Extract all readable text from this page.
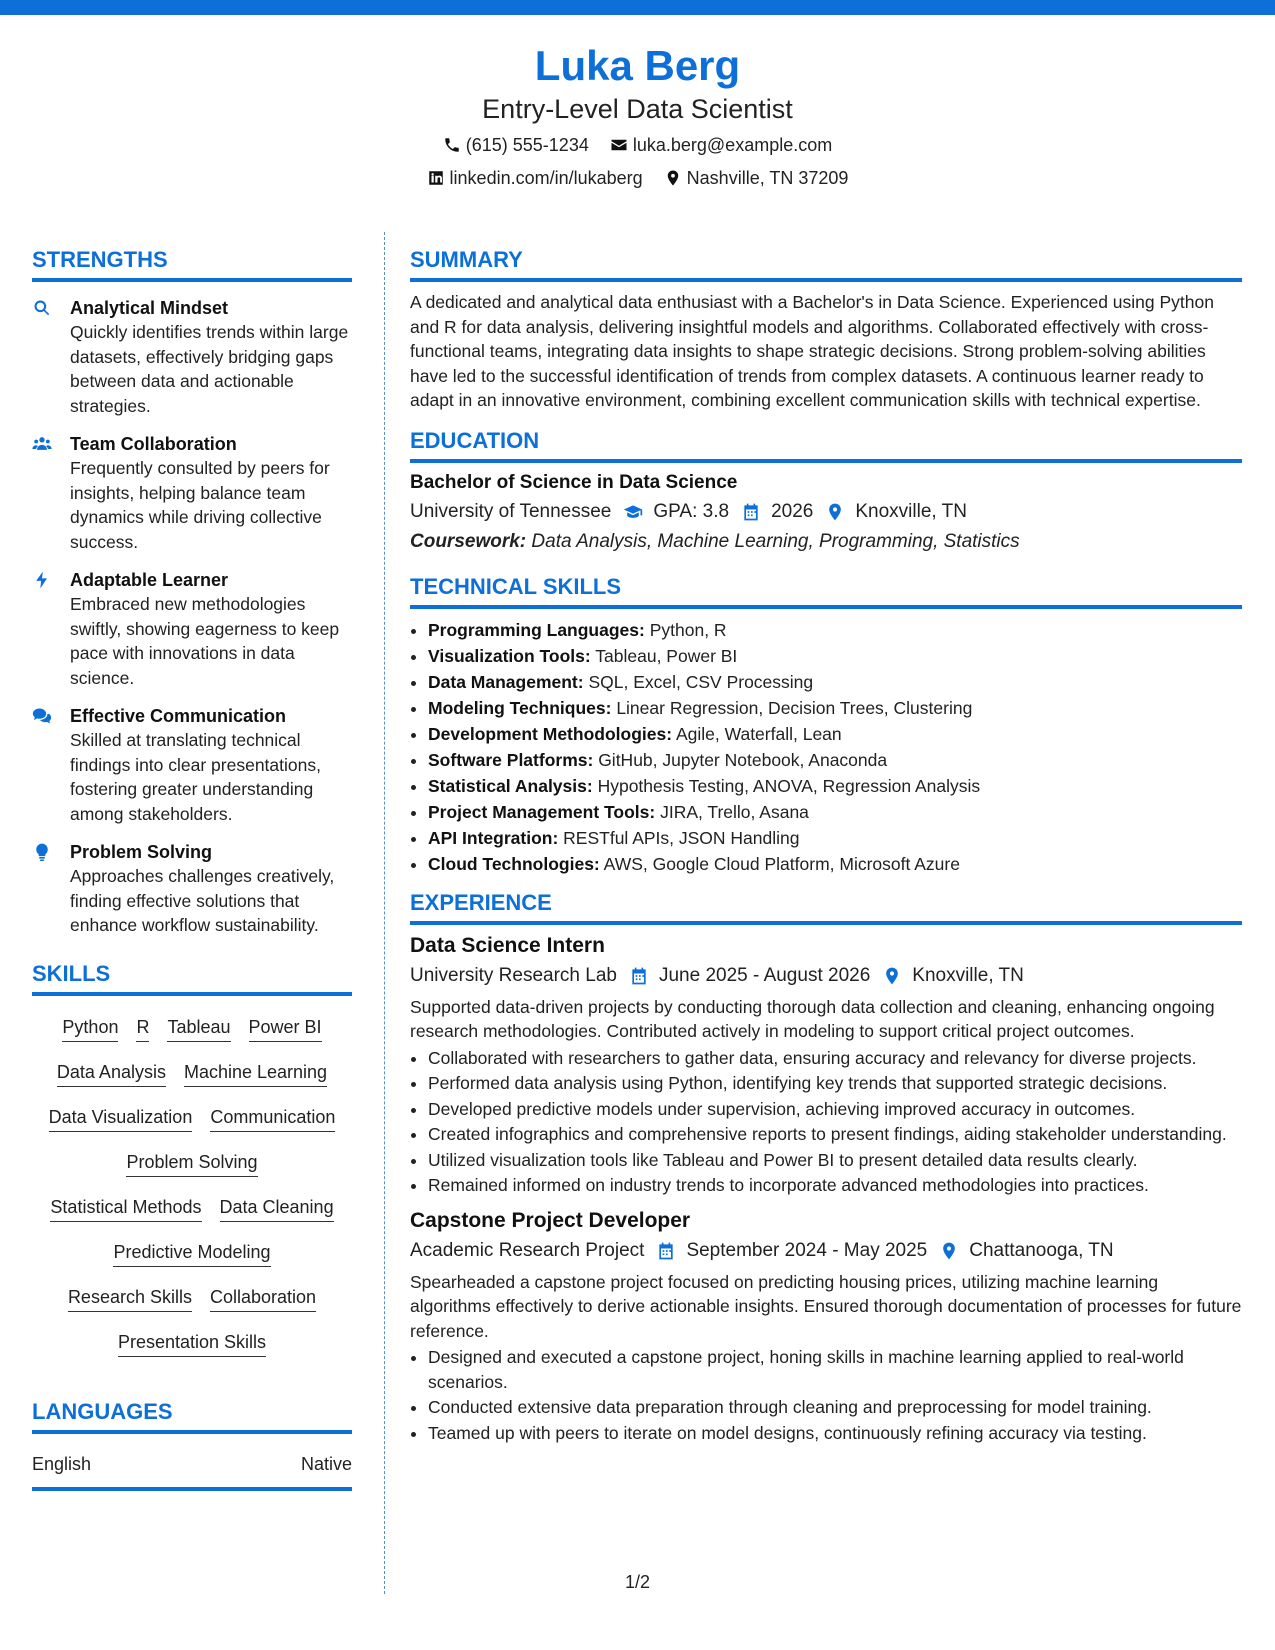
Luka Berg
Entry-Level Data Scientist
(615) 555-1234
luka.berg@example.com
linkedin.com/in/lukaberg
Nashville, TN 37209
STRENGTHS
Analytical Mindset
Quickly identifies trends within large datasets, effectively bridging gaps between data and actionable strategies.
Team Collaboration
Frequently consulted by peers for insights, helping balance team dynamics while driving collective success.
Adaptable Learner
Embraced new methodologies swiftly, showing eagerness to keep pace with innovations in data science.
Effective Communication
Skilled at translating technical findings into clear presentations, fostering greater understanding among stakeholders.
Problem Solving
Approaches challenges creatively, finding effective solutions that enhance workflow sustainability.
SKILLS
Python R Tableau Power BI
Data Analysis Machine Learning
Data Visualization Communication
Problem Solving
Statistical Methods Data Cleaning
Predictive Modeling
Research Skills Collaboration
Presentation Skills
LANGUAGES
English	Native
SUMMARY

A dedicated and analytical data enthusiast with a Bachelor's in Data Science. Experienced using Python and R for data analysis, delivering insightful models and algorithms. Collaborated effectively with cross-functional teams, integrating data insights to shape strategic decisions. Strong problem-solving abilities have led to the successful identification of trends from complex datasets. A continuous learner ready to adapt in an innovative environment, combining excellent communication skills with technical expertise.

EDUCATION
Bachelor of Science in Data Science
University of Tennessee GPA: 3.8 2026 Knoxville, TN
Coursework: Data Analysis, Machine Learning, Programming, Statistics
TECHNICAL SKILLS
• Programming Languages: Python, R
• Visualization Tools: Tableau, Power BI
• Data Management: SQL, Excel, CSV Processing
• Modeling Techniques: Linear Regression, Decision Trees, Clustering
• Development Methodologies: Agile, Waterfall, Lean
• Software Platforms: GitHub, Jupyter Notebook, Anaconda
• Statistical Analysis: Hypothesis Testing, ANOVA, Regression Analysis
• Project Management Tools: JIRA, Trello, Asana
• API Integration: RESTful APIs, JSON Handling
• Cloud Technologies: AWS, Google Cloud Platform, Microsoft Azure
EXPERIENCE
Data Science Intern
University Research Lab June 2025 - August 2026 Knoxville, TN

Supported data-driven projects by conducting thorough data collection and cleaning, enhancing ongoing research methodologies. Contributed actively in modeling to support critical project outcomes.

• Collaborated with researchers to gather data, ensuring accuracy and relevancy for diverse projects.
• Performed data analysis using Python, identifying key trends that supported strategic decisions.
• Developed predictive models under supervision, achieving improved accuracy in outcomes.
• Created infographics and comprehensive reports to present findings, aiding stakeholder understanding.
• Utilized visualization tools like Tableau and Power BI to present detailed data results clearly.
• Remained informed on industry trends to incorporate advanced methodologies into practices.
Capstone Project Developer
Academic Research Project September 2024 - May 2025 Chattanooga, TN

Spearheaded a capstone project focused on predicting housing prices, utilizing machine learning algorithms effectively to derive actionable insights. Ensured thorough documentation of processes for future reference.

• Designed and executed a capstone project, honing skills in machine learning applied to real-world scenarios.
• Conducted extensive data preparation through cleaning and preprocessing for model training.
• Teamed up with peers to iterate on model designs, continuously refining accuracy via testing.
1/2
